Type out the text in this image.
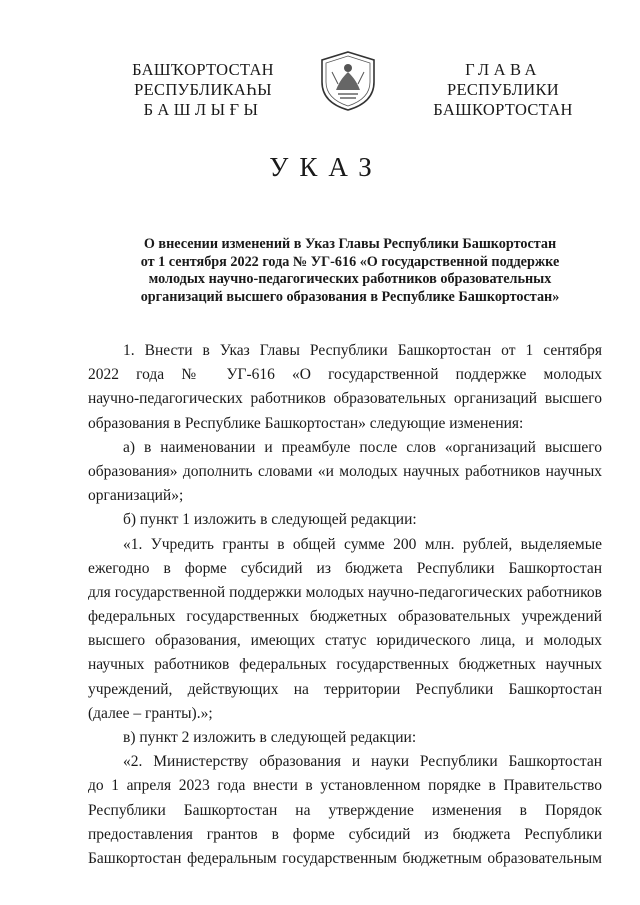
БАШҠОРТОСТАН
РЕСПУБЛИКАҺЫ
БАШЛЫҒЫ
ГЛАВА
РЕСПУБЛИКИ
БАШКОРТОСТАН
УКАЗ
О внесении изменений в Указ Главы Республики Башкортостан
от 1 сентября 2022 года № УГ-616 «О государственной поддержке
молодых научно-педагогических работников образовательных
организаций высшего образования в Республике Башкортостан»
1. Внести в Указ Главы Республики Башкортостан от 1 сентября
2022 года № УГ-616 «О государственной поддержке молодых
научно-педагогических работников образовательных организаций высшего
образования в Республике Башкортостан» следующие изменения:
а) в наименовании и преамбуле после слов «организаций высшего
образования» дополнить словами «и молодых научных работников научных
организаций»;
б) пункт 1 изложить в следующей редакции:
«1. Учредить гранты в общей сумме 200 млн. рублей, выделяемые
ежегодно в форме субсидий из бюджета Республики Башкортостан
для государственной поддержки молодых научно-педагогических работников
федеральных государственных бюджетных образовательных учреждений
высшего образования, имеющих статус юридического лица, и молодых
научных работников федеральных государственных бюджетных научных
учреждений, действующих на территории Республики Башкортостан
(далее – гранты).»;
в) пункт 2 изложить в следующей редакции:
«2. Министерству образования и науки Республики Башкортостан
до 1 апреля 2023 года внести в установленном порядке в Правительство
Республики Башкортостан на утверждение изменения в Порядок
предоставления грантов в форме субсидий из бюджета Республики
Башкортостан федеральным государственным бюджетным образовательным
